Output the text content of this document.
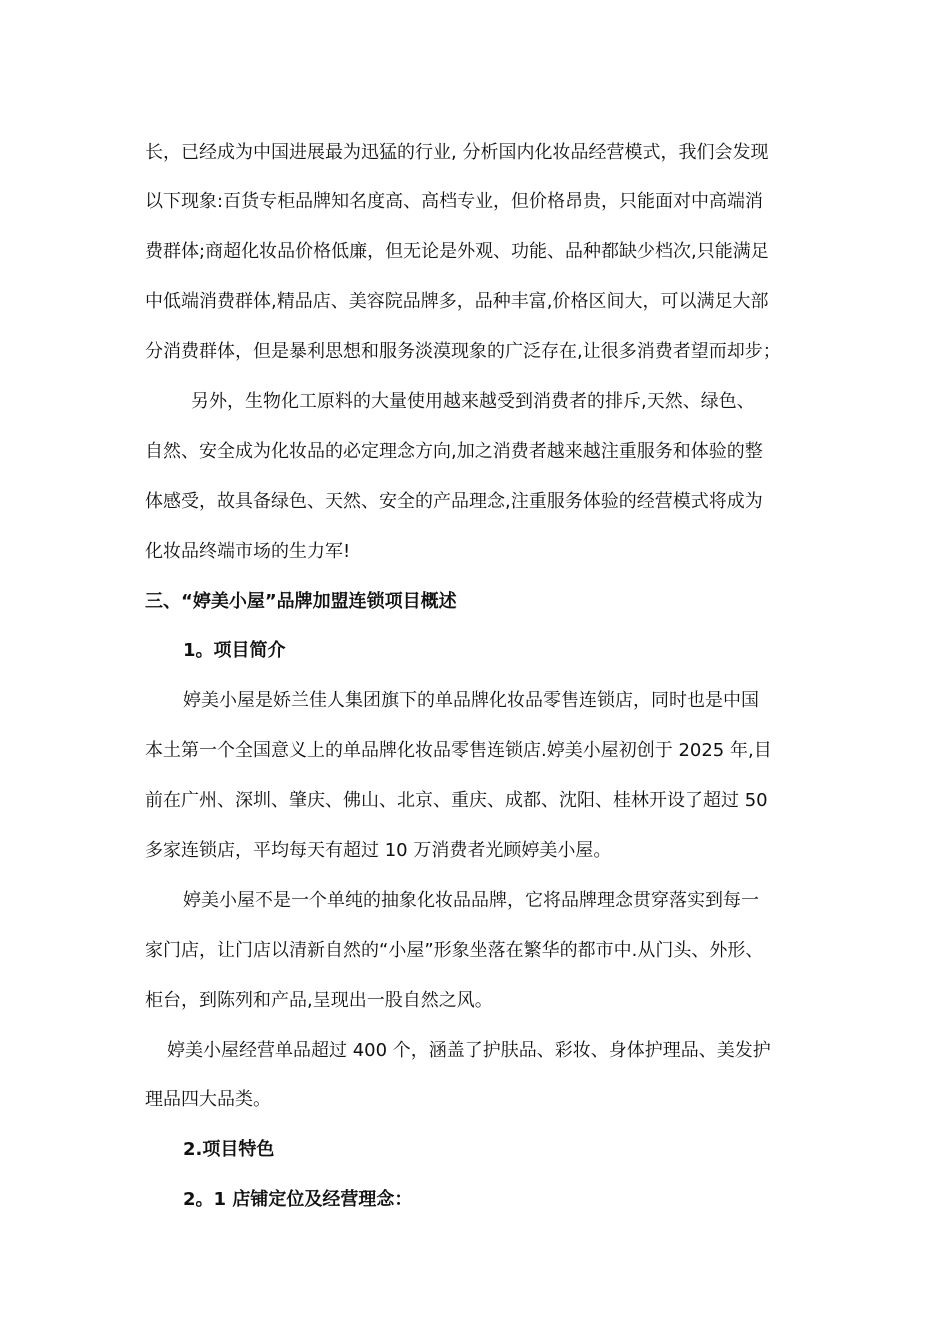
长，已经成为中国进展最为迅猛的行业, 分析国内化妆品经营模式，我们会发现
以下现象:百货专柜品牌知名度高、高档专业，但价格昂贵，只能面对中高端消
费群体;商超化妆品价格低廉，但无论是外观、功能、品种都缺少档次,只能满足
中低端消费群体,精品店、美容院品牌多，品种丰富,价格区间大，可以满足大部
分消费群体，但是暴利思想和服务淡漠现象的广泛存在,让很多消费者望而却步；
另外，生物化工原料的大量使用越来越受到消费者的排斥,天然、绿色、
自然、安全成为化妆品的必定理念方向,加之消费者越来越注重服务和体验的整
体感受，故具备绿色、天然、安全的产品理念,注重服务体验的经营模式将成为
化妆品终端市场的生力军!
三、“婷美小屋”品牌加盟连锁项目概述
1。项目简介
婷美小屋是娇兰佳人集团旗下的单品牌化妆品零售连锁店，同时也是中国
本土第一个全国意义上的单品牌化妆品零售连锁店.婷美小屋初创于 2025 年,目
前在广州、深圳、肇庆、佛山、北京、重庆、成都、沈阳、桂林开设了超过 50
多家连锁店，平均每天有超过 10 万消费者光顾婷美小屋。
婷美小屋不是一个单纯的抽象化妆品品牌，它将品牌理念贯穿落实到每一
家门店，让门店以清新自然的“小屋”形象坐落在繁华的都市中.从门头、外形、
柜台，到陈列和产品,呈现出一股自然之风。
婷美小屋经营单品超过 400 个，涵盖了护肤品、彩妆、身体护理品、美发护
理品四大品类。
2.项目特色
2。1 店铺定位及经营理念：
